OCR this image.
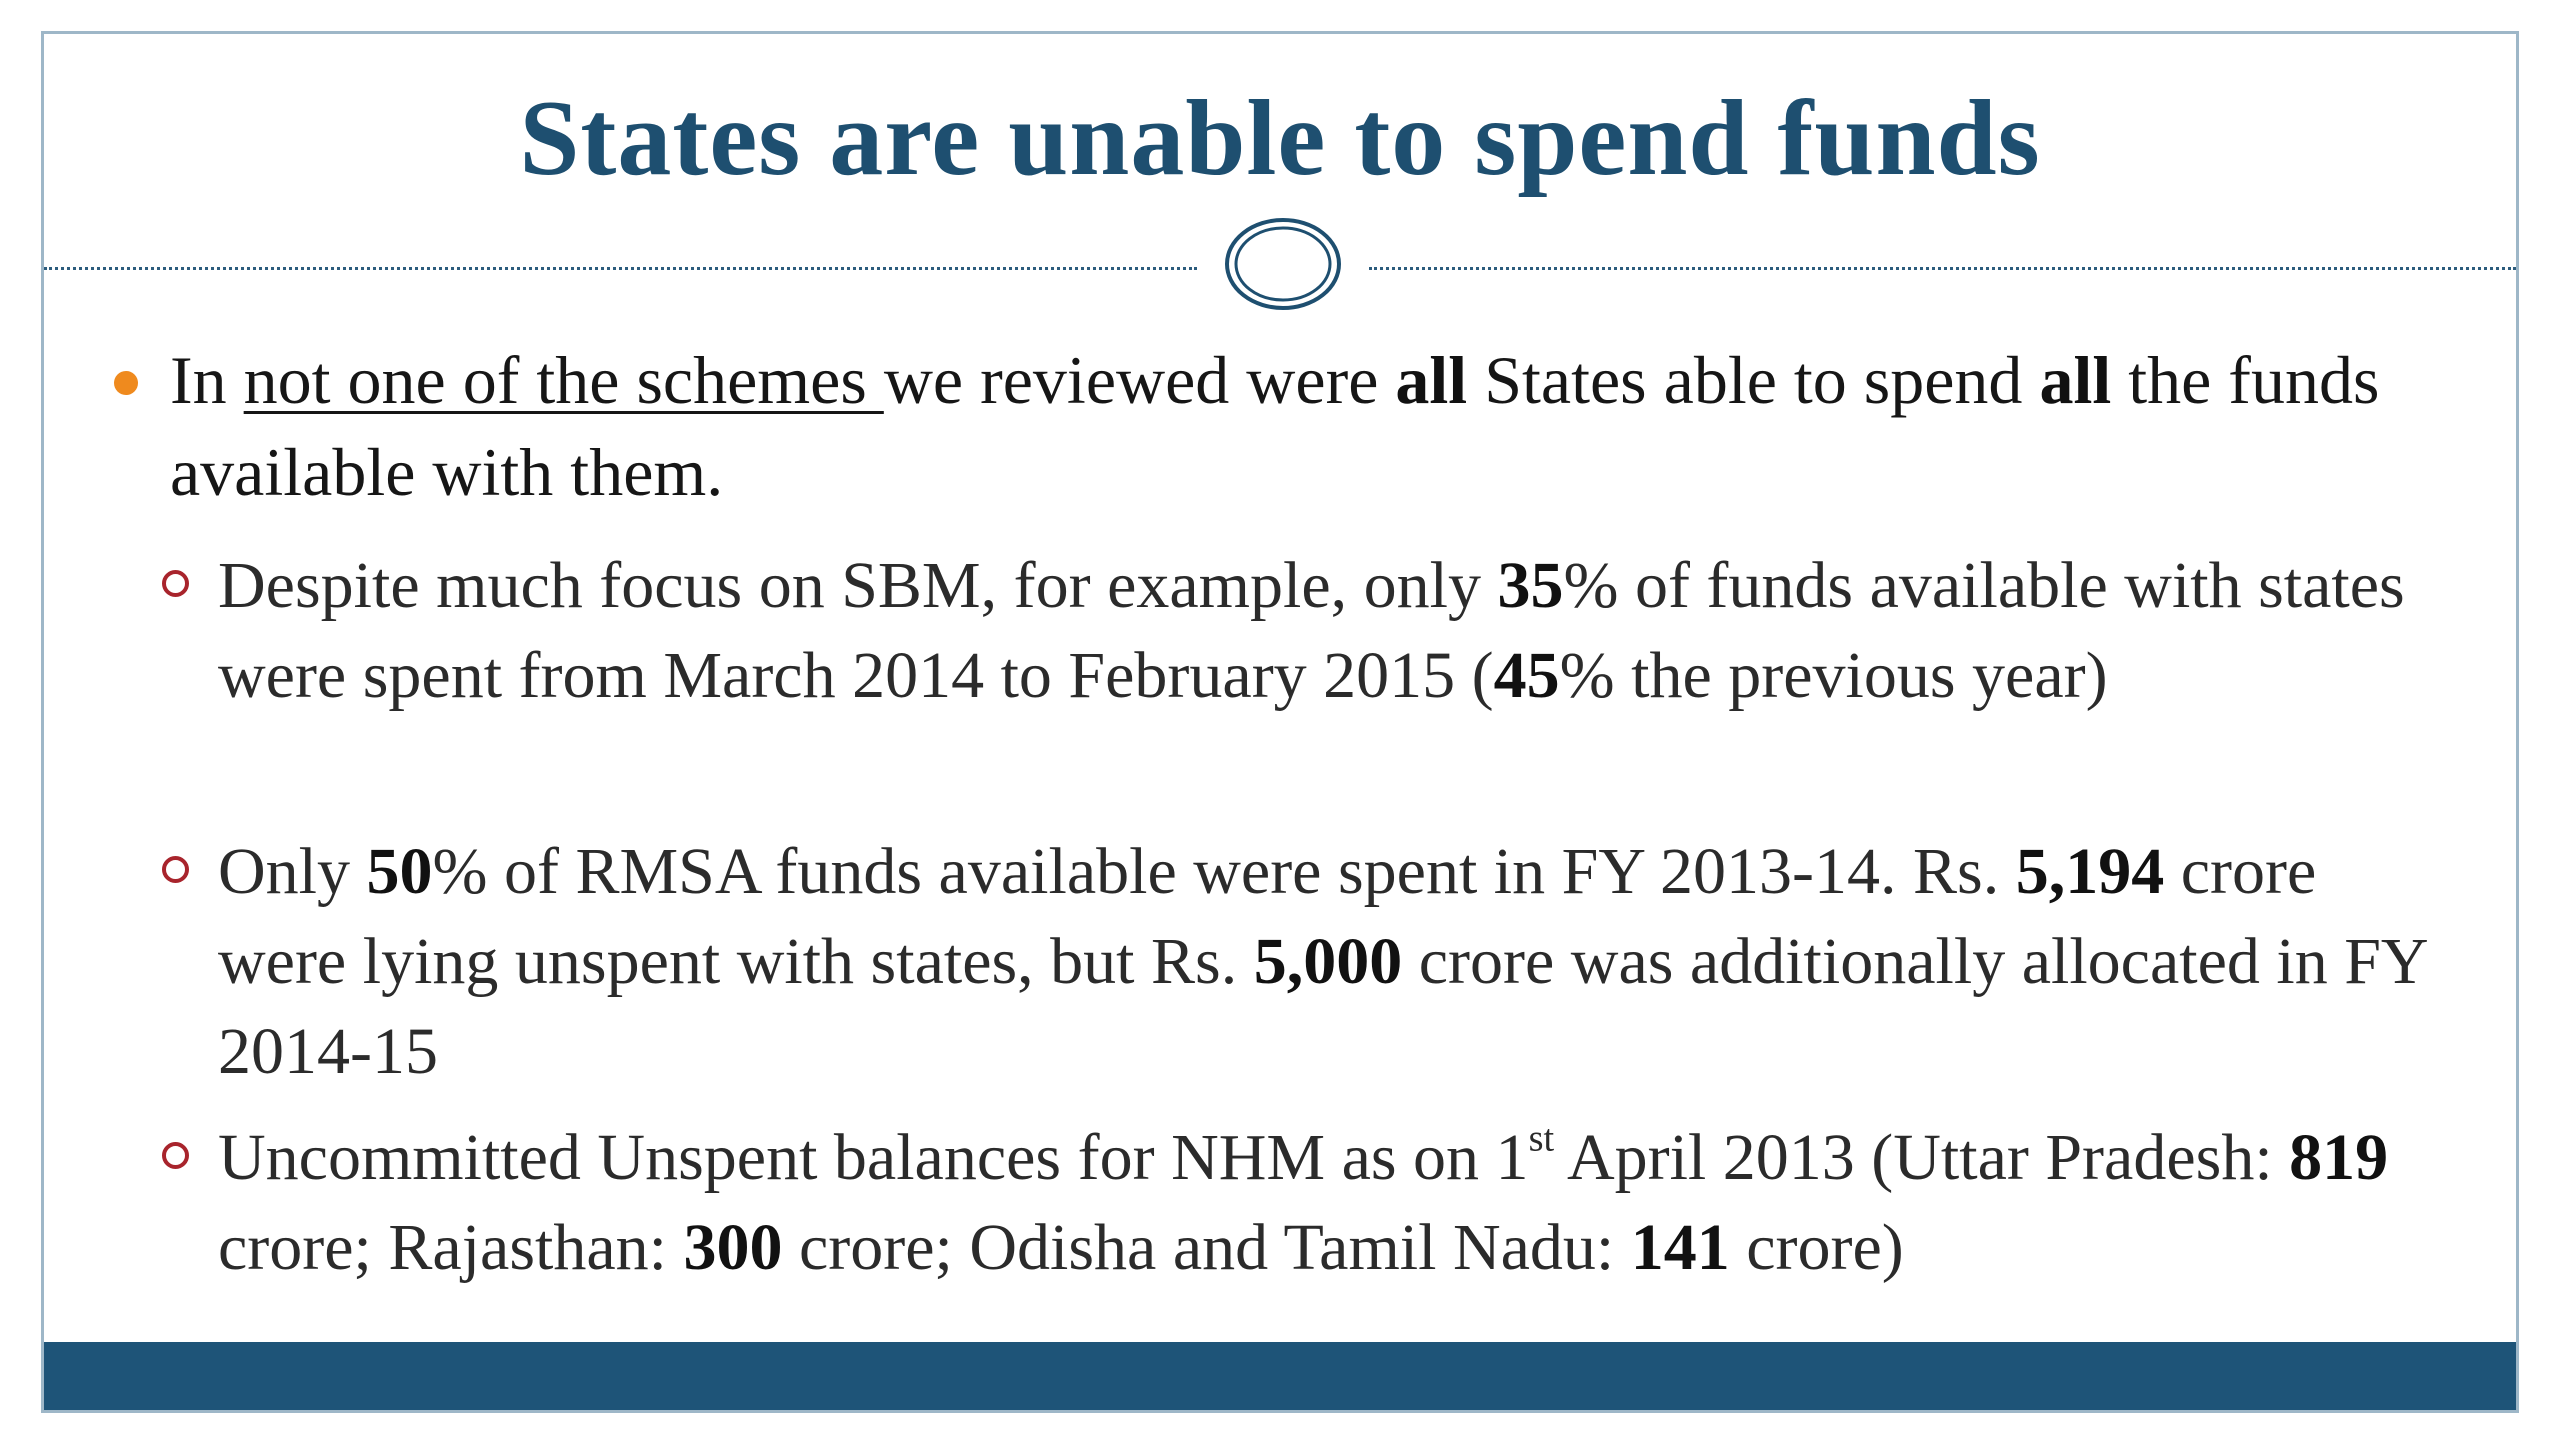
States are unable to spend funds
In not one of the schemes we reviewed were all States able to spend all the funds available with them.
Despite much focus on SBM, for example, only 35% of funds available with states were spent from March 2014 to February 2015 (45% the previous year)
Only 50% of RMSA funds available were spent in FY 2013-14. Rs. 5,194 crore were lying unspent with states, but Rs. 5,000 crore was additionally allocated in FY 2014-15
Uncommitted Unspent balances for NHM as on 1st April 2013 (Uttar Pradesh: 819 crore; Rajasthan: 300 crore; Odisha and Tamil Nadu: 141 crore)
